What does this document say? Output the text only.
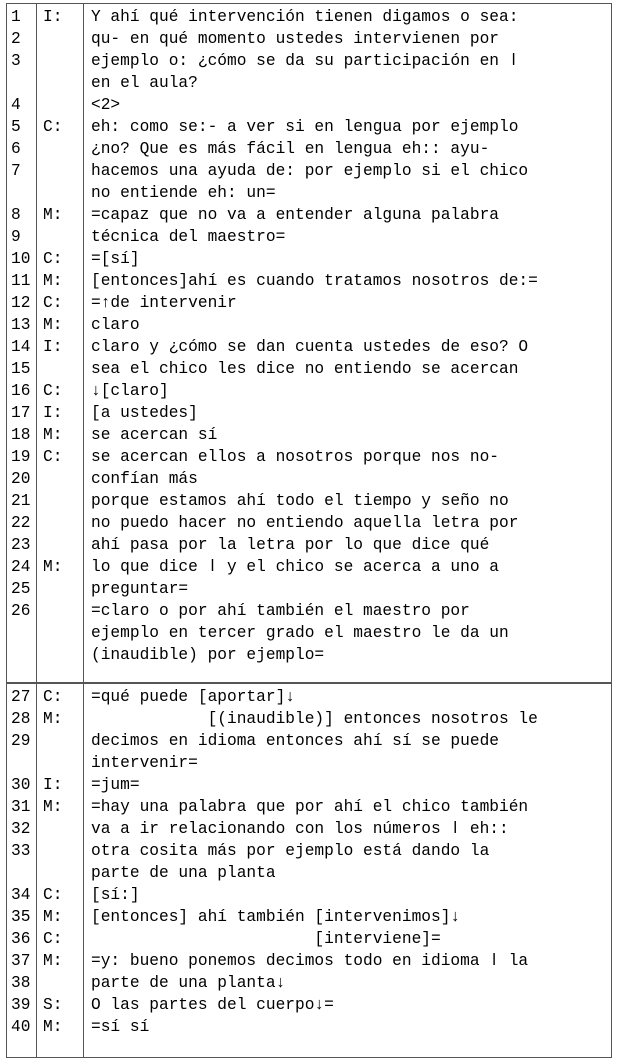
1 I: Y ahí qué intervención tienen digamos o sea:
2	qu- en qué momento ustedes intervienen por
3	ejemplo o: ¿cómo se da su participación en ǀ
en el aula?
4	<2>
5 C: eh: como se:- a ver si en lengua por ejemplo
6	¿no? Que es más fácil en lengua eh:: ayu-
7	hacemos una ayuda de: por ejemplo si el chico
no entiende eh: un=
8 M: =capaz que no va a entender alguna palabra
9	técnica del maestro=
10 C: =[sí]
11 M: [entonces]ahí es cuando tratamos nosotros de:=
12 C: =↑de intervenir
13 M: claro
14 I: claro y ¿cómo se dan cuenta ustedes de eso? O
15	sea el chico les dice no entiendo se acercan
16 C: ↓[claro]
17 I: [a ustedes]
18 M: se acercan sí
19 C: se acercan ellos a nosotros porque nos no-
20	confían más
21	porque estamos ahí todo el tiempo y seño no
22	no puedo hacer no entiendo aquella letra por
23	ahí pasa por la letra por lo que dice qué
24 M: lo que dice ǀ y el chico se acerca a uno a
25	preguntar=
26	=claro o por ahí también el maestro por
ejemplo en tercer grado el maestro le da un
(inaudible) por ejemplo=
27 C: =qué puede [aportar]↓
28 M: [(inaudible)] entonces nosotros le
29	decimos en idioma entonces ahí sí se puede
intervenir=
30 I: =jum=
31 M: =hay una palabra que por ahí el chico también
32	va a ir relacionando con los números ǀ eh::
33	otra cosita más por ejemplo está dando la
parte de una planta
34 C: [sí:]
35 M: [entonces] ahí también [intervenimos]↓
36 C: [interviene]=
37 M: =y: bueno ponemos decimos todo en idioma ǀ la
38	parte de una planta↓
39 S: O las partes del cuerpo↓=
40 M: =sí sí
